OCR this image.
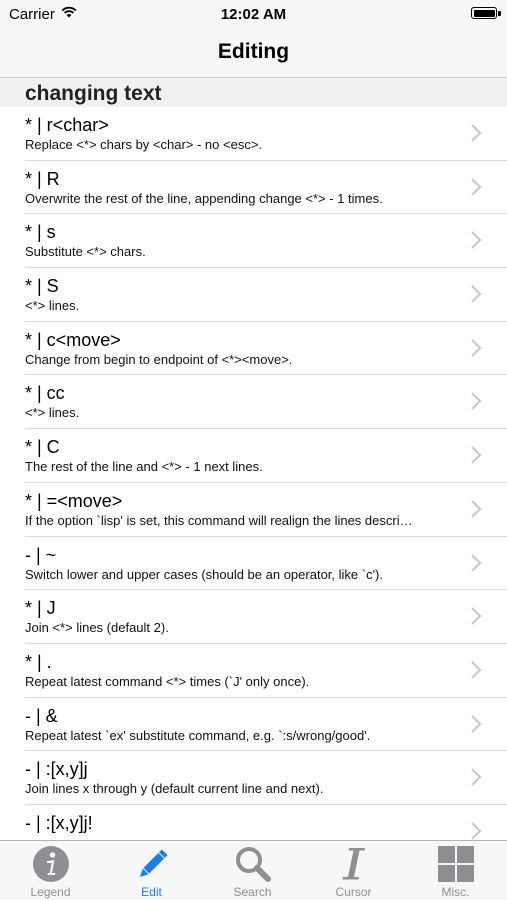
Carrier	12:02 AM
Editing
changing text
* | r<char>
Replace <*> chars by <char> - no <esc>.
* | R
Overwrite the rest of the line, appending change <*> - 1 times.
* | s
Substitute <*> chars.
* | S
<*> lines.
* | c<move>
Change from begin to endpoint of <*><move>.
* | cc
<*> lines.
* | C
The rest of the line and <*> - 1 next lines.
* | =<move>
If the option `lisp' is set, this command will realign the lines descri…
- | ~
Switch lower and upper cases (should be an operator, like `c').
* | J
Join <*> lines (default 2).
* | .
Repeat latest command <*> times (`J' only once).
- | &
Repeat latest `ex' substitute command, e.g. `:s/wrong/good'.
- | :[x,y]j
Join lines x through y (default current line and next).
- | :[x,y]j!
Legend	Edit	Search	Cursor	Misc.
